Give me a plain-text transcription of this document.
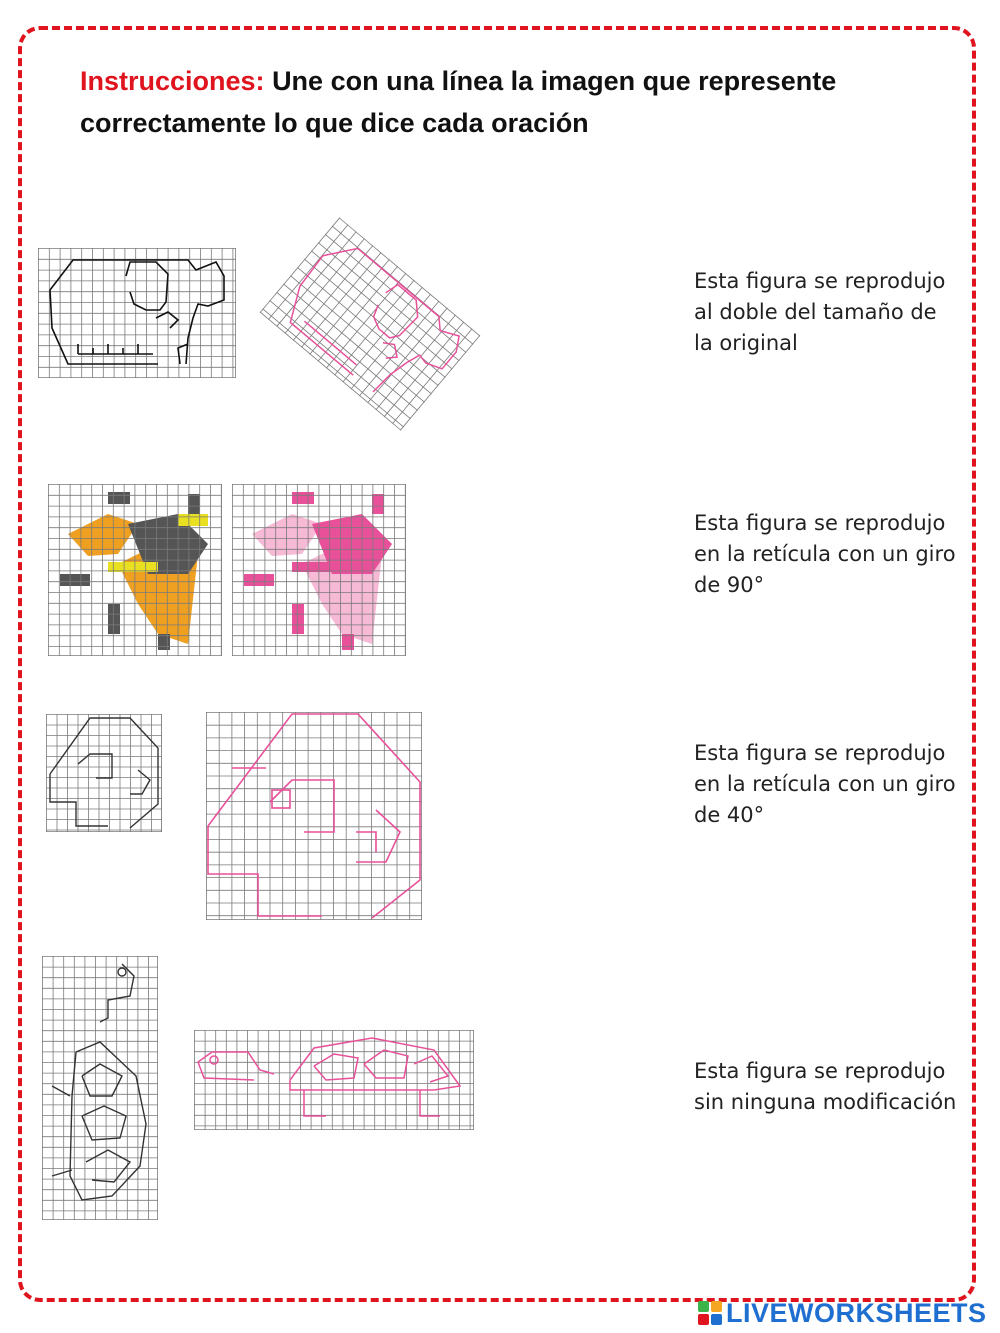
Instrucciones: Une con una línea la imagen que represente
correctamente lo que dice cada oración
Esta figura se reprodujo
al doble del tamaño de
la original
Esta figura se reprodujo
en la retícula con un giro
de 90°
Esta figura se reprodujo
en la retícula con un giro
de 40°
Esta figura se reprodujo
sin ninguna modificación
LIVEWORKSHEETS
